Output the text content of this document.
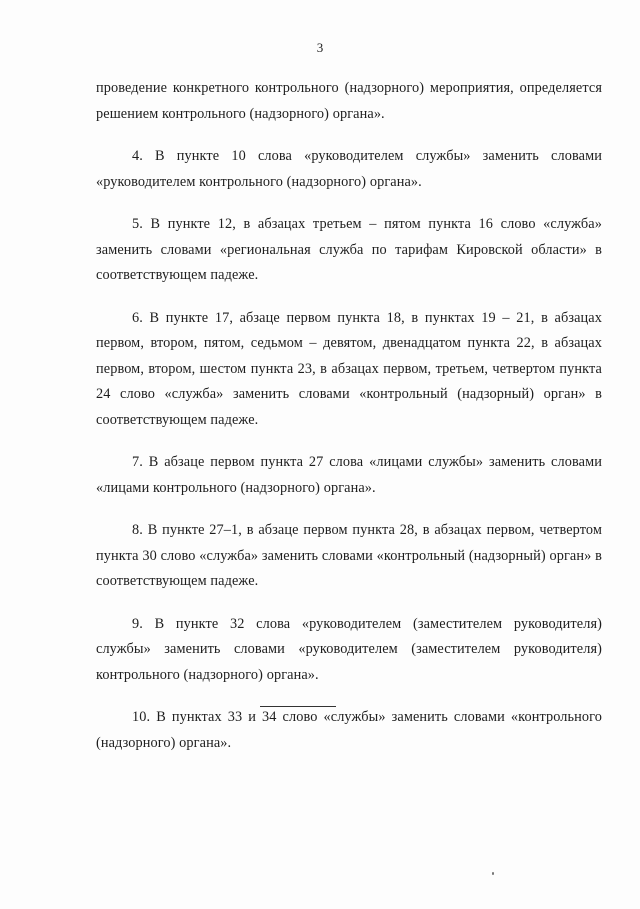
3

проведение конкретного контрольного (надзорного) мероприятия, определяется решением контрольного (надзорного) органа».

4. В пункте 10 слова «руководителем службы» заменить словами «руководителем контрольного (надзорного) органа».

5. В пункте 12, в абзацах третьем – пятом пункта 16 слово «служба» заменить словами «региональная служба по тарифам Кировской области» в соответствующем падеже.

6. В пункте 17, абзаце первом пункта 18, в пунктах 19 – 21, в абзацах первом, втором, пятом, седьмом – девятом, двенадцатом пункта 22, в абзацах первом, втором, шестом пункта 23, в абзацах первом, третьем, четвертом пункта 24 слово «служба» заменить словами «контрольный (надзорный) орган» в соответствующем падеже.

7. В абзаце первом пункта 27 слова «лицами службы» заменить словами «лицами контрольного (надзорного) органа».

8. В пункте 27–1, в абзаце первом пункта 28, в абзацах первом, четвертом пункта 30 слово «служба» заменить словами «контрольный (надзорный) орган» в соответствующем падеже.

9. В пункте 32 слова «руководителем (заместителем руководителя) службы» заменить словами «руководителем (заместителем руководителя) контрольного (надзорного) органа».

10. В пунктах 33 и 34 слово «службы» заменить словами «контрольного (надзорного) органа».
